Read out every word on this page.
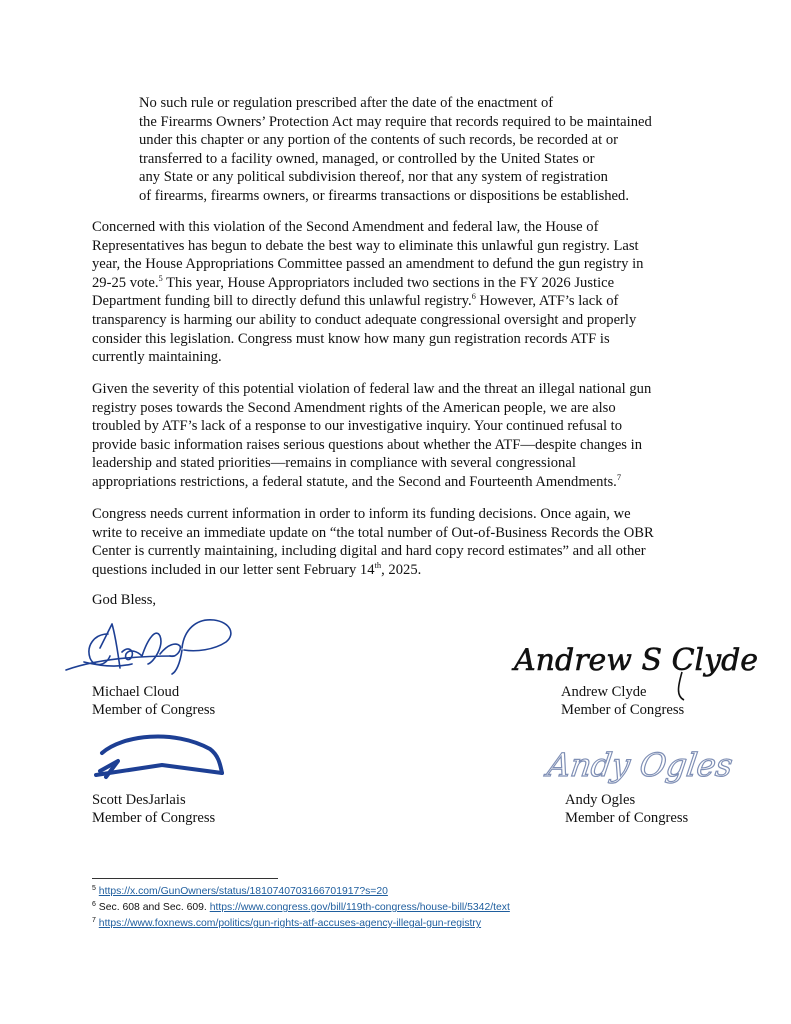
No such rule or regulation prescribed after the date of the enactment of
the Firearms Owners’ Protection Act may require that records required to be maintained
under this chapter or any portion of the contents of such records, be recorded at or
transferred to a facility owned, managed, or controlled by the United States or
any State or any political subdivision thereof, nor that any system of registration
of firearms, firearms owners, or firearms transactions or dispositions be established.
Concerned with this violation of the Second Amendment and federal law, the House of
Representatives has begun to debate the best way to eliminate this unlawful gun registry. Last
year, the House Appropriations Committee passed an amendment to defund the gun registry in
29-25 vote.$^5$ This year, House Appropriators included two sections in the FY 2026 Justice
Department funding bill to directly defund this unlawful registry.$^6$ However, ATF’s lack of
transparency is harming our ability to conduct adequate congressional oversight and properly
consider this legislation. Congress must know how many gun registration records ATF is
currently maintaining.
Given the severity of this potential violation of federal law and the threat an illegal national gun
registry poses towards the Second Amendment rights of the American people, we are also
troubled by ATF’s lack of a response to our investigative inquiry. Your continued refusal to
provide basic information raises serious questions about whether the ATF—despite changes in
leadership and stated priorities—remains in compliance with several congressional
appropriations restrictions, a federal statute, and the Second and Fourteenth Amendments.$^7$
Congress needs current information in order to inform its funding decisions. Once again, we
write to receive an immediate update on “the total number of Out-of-Business Records the OBR
Center is currently maintaining, including digital and hard copy record estimates” and all other
questions included in our letter sent February 14th, 2025.
God Bless,
Michael Cloud
Member of Congress
Andrew S Clyde
Andrew Clyde
Member of Congress
Scott DesJarlais
Member of Congress
Andy Ogles
Andy Ogles
Member of Congress
$^5$ https://x.com/GunOwners/status/1810740703166701917?s=20
$^6$ Sec. 608 and Sec. 609. https://www.congress.gov/bill/119th-congress/house-bill/5342/text
$^7$ https://www.foxnews.com/politics/gun-rights-atf-accuses-agency-illegal-gun-registry
